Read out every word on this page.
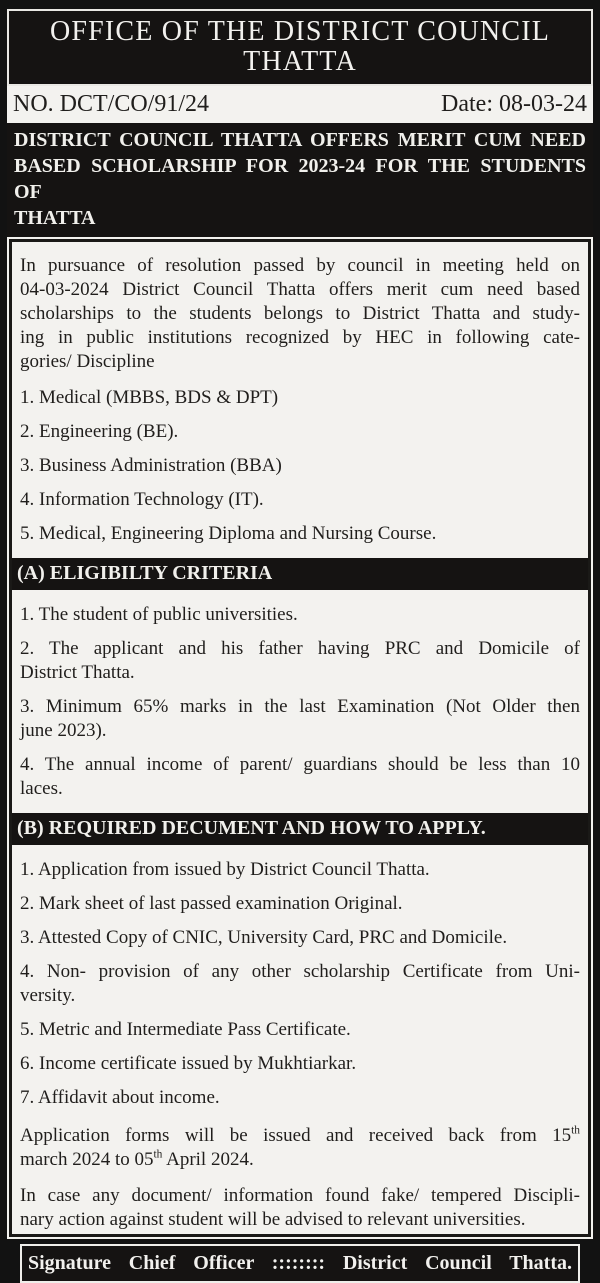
OFFICE OF THE DISTRICT COUNCIL THATTA
NO. DCT/CO/91/24	Date: 08-03-24
DISTRICT COUNCIL THATTA OFFERS MERIT CUM NEED
BASED SCHOLARSHIP FOR 2023-24 FOR THE STUDENTS OF
THATTA
In pursuance of resolution passed by council in meeting held on
04-03-2024 District Council Thatta offers merit cum need based
scholarships to the students belongs to District Thatta and study-
ing in public institutions recognized by HEC in following cate-
gories/ Discipline
1. Medical (MBBS, BDS & DPT)
2. Engineering (BE).
3. Business Administration (BBA)
4. Information Technology (IT).
5. Medical, Engineering Diploma and Nursing Course.
(A) ELIGIBILTY CRITERIA
1. The student of public universities.
2. The applicant and his father having PRC and Domicile of
District Thatta.
3. Minimum 65% marks in the last Examination (Not Older then
june 2023).
4. The annual income of parent/ guardians should be less than 10
laces.
(B) REQUIRED DECUMENT AND HOW TO APPLY.
1. Application from issued by District Council Thatta.
2. Mark sheet of last passed examination Original.
3. Attested Copy of CNIC, University Card, PRC and Domicile.
4. Non- provision of any other scholarship Certificate from Uni-
versity.
5. Metric and Intermediate Pass Certificate.
6. Income certificate issued by Mukhtiarkar.
7. Affidavit about income.
Application forms will be issued and received back from 15th
march 2024 to 05th April 2024.
In case any document/ information found fake/ tempered Discipli-
nary action against student will be advised to relevant universities.
Signature Chief Officer :::::::: District Council Thatta.
